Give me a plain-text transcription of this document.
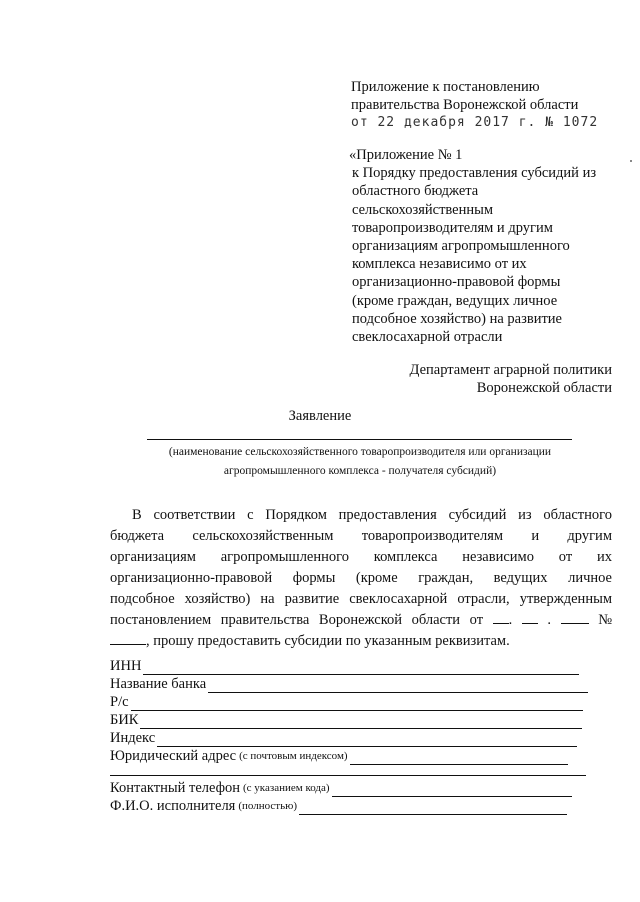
Приложение к постановлению
правительства Воронежской области
от 22 декабря 2017 г. № 1072
«Приложение № 1
к Порядку предоставления субсидий из
областного бюджета
сельскохозяйственным
товаропроизводителям и другим
организациям агропромышленного
комплекса независимо от их
организационно-правовой формы
(кроме граждан, ведущих личное
подсобное хозяйство) на развитие
свеклосахарной отрасли
Департамент аграрной политики
Воронежской области
Заявление
(наименование сельскохозяйственного товаропроизводителя или организации
агропромышленного комплекса - получателя субсидий)
В соответствии с Порядком предоставления субсидий из областного
бюджета сельскохозяйственным товаропроизводителям и другим
организациям агропромышленного комплекса независимо от их
организационно-правовой формы (кроме граждан, ведущих личное
подсобное хозяйство) на развитие свеклосахарной отрасли, утвержденным
постановлением правительства Воронежской области от . .	№
, прошу предоставить субсидии по указанным реквизитам.
ИНН
Название банка
Р/с
БИК
Индекс
Юридический адрес (с почтовым индексом)
Контактный телефон (с указанием кода)
Ф.И.О. исполнителя (полностью)
